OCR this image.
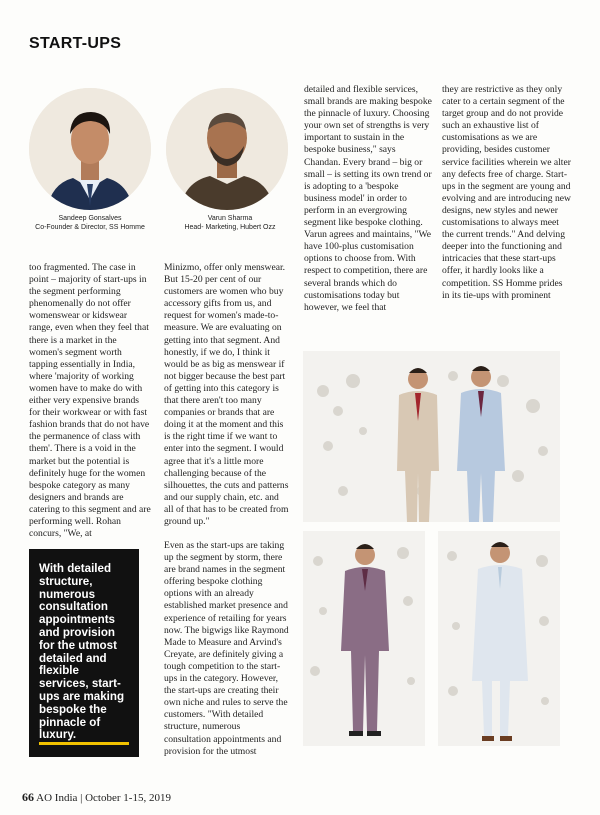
START-UPS
Sandeep Gonsalves
Co-Founder & Director, SS Homme
Varun Sharma
Head- Marketing, Hubert Ozz

too fragmented. The case in point – majority of start-ups in the segment performing phenomenally do not offer womenswear or kidswear range, even when they feel that there is a market in the women's segment worth tapping essentially in India, where 'majority of working women have to make do with either very expensive brands for their workwear or with fast fashion brands that do not have the permanence of class with them'. There is a void in the market but the potential is definitely huge for the women bespoke category as many designers and brands are catering to this segment and are performing well. Rohan concurs, "We, at

With detailed structure, numerous consultation appointments and provision for the utmost detailed and flexible services, start-ups are making bespoke the pinnacle of luxury.

Minizmo, offer only menswear. But 15-20 per cent of our customers are women who buy accessory gifts from us, and request for women's made-to-measure. We are evaluating on getting into that segment. And honestly, if we do, I think it would be as big as menswear if not bigger because the best part of getting into this category is that there aren't too many companies or brands that are doing it at the moment and this is the right time if we want to enter into the segment. I would agree that it's a little more challenging because of the silhouettes, the cuts and patterns and our supply chain, etc. and all of that has to be created from ground up."

Even as the start-ups are taking up the segment by storm, there are brand names in the segment offering bespoke clothing options with an already established market presence and experience of retailing for years now. The bigwigs like Raymond Made to Measure and Arvind's Creyate, are definitely giving a tough competition to the start-ups in the category. However, the start-ups are creating their own niche and rules to serve the customers. "With detailed structure, numerous consultation appointments and provision for the utmost

detailed and flexible services, small brands are making bespoke the pinnacle of luxury. Choosing your own set of strengths is very important to sustain in the bespoke business," says Chandan. Every brand – big or small – is setting its own trend or is adopting to a 'bespoke business model' in order to perform in an evergrowing segment like bespoke clothing. Varun agrees and maintains, "We have 100-plus customisation options to choose from. With respect to competition, there are several brands which do customisations today but however, we feel that

they are restrictive as they only cater to a certain segment of the target group and do not provide such an exhaustive list of customisations as we are providing, besides customer service facilities wherein we alter any defects free of charge. Start-ups in the segment are young and evolving and are introducing new designs, new styles and newer customisations to always meet the current trends." And delving deeper into the functioning and intricacies that these start-ups offer, it hardly looks like a competition. SS Homme prides in its tie-ups with prominent

66 AO India | October 1-15, 2019
